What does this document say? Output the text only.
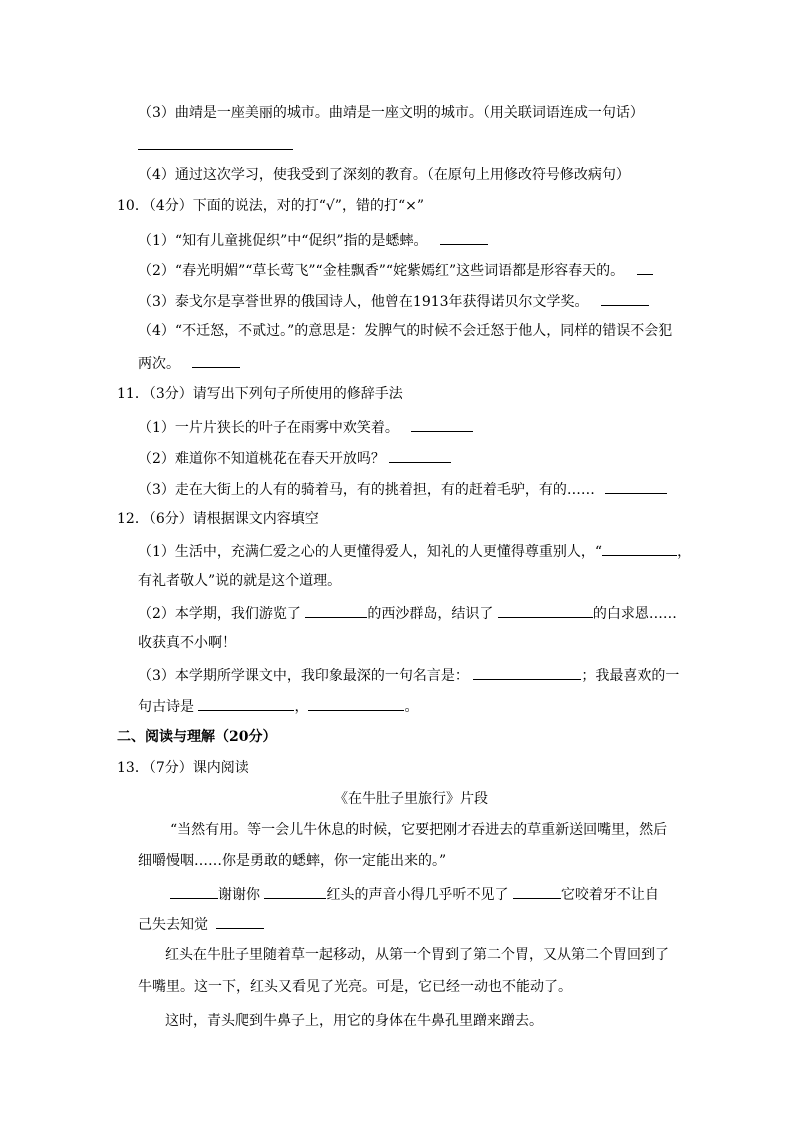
（3）曲靖是一座美丽的城市。曲靖是一座文明的城市。（用关联词语连成一句话）
（4）通过这次学习，使我受到了深刻的教育。（在原句上用修改符号修改病句）
10．（4分）下面的说法，对的打“√”，错的打“×”
（1）“知有儿童挑促织”中“促织”指的是蟋蟀。
（2）“春光明媚”“草长莺飞”“金桂飘香”“姹紫嫣红”这些词语都是形容春天的。
（3）泰戈尔是享誉世界的俄国诗人，他曾在1913年获得诺贝尔文学奖。
（4）“不迁怒，不贰过。”的意思是：发脾气的时候不会迁怒于他人，同样的错误不会犯
两次。
11．（3分）请写出下列句子所使用的修辞手法
（1）一片片狭长的叶子在雨雾中欢笑着。
（2）难道你不知道桃花在春天开放吗？
（3）走在大街上的人有的骑着马，有的挑着担，有的赶着毛驴，有的……
12．（6分）请根据课文内容填空
（1）生活中，充满仁爱之心的人更懂得爱人，知礼的人更懂得尊重别人，“	，
有礼者敬人”说的就是这个道理。
（2）本学期，我们游览了	的西沙群岛，结识了	的白求恩……
收获真不小啊！
（3）本学期所学课文中，我印象最深的一句名言是：	；我最喜欢的一
句古诗是	，	。
二、阅读与理解（20分）
13．（7分）课内阅读
《在牛肚子里旅行》片段
“当然有用。等一会儿牛休息的时候，它要把刚才吞进去的草重新送回嘴里，然后
细嚼慢咽……你是勇敢的蟋蟀，你一定能出来的。”
谢谢你	红头的声音小得几乎听不见了	它咬着牙不让自
己失去知觉
红头在牛肚子里随着草一起移动，从第一个胃到了第二个胃，又从第二个胃回到了
牛嘴里。这一下，红头又看见了光亮。可是，它已经一动也不能动了。
这时，青头爬到牛鼻子上，用它的身体在牛鼻孔里蹭来蹭去。
